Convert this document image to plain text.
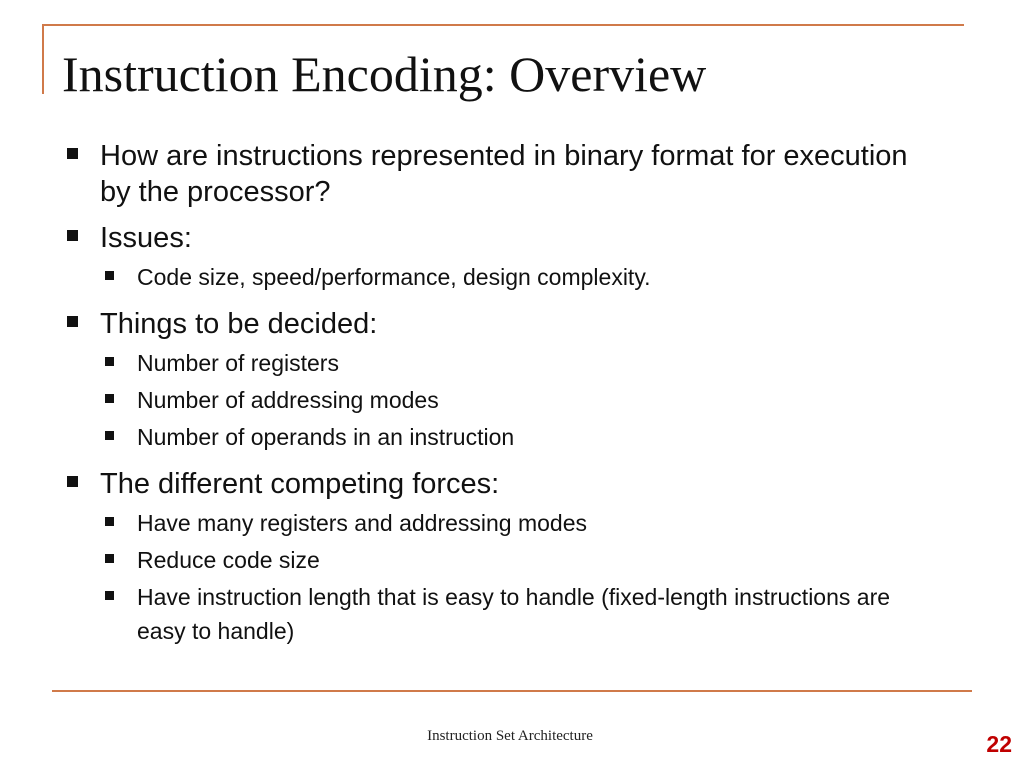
Instruction Encoding: Overview
How are instructions represented in binary format for execution by the processor?
Issues:
Code size, speed/performance, design complexity.
Things to be decided:
Number of registers
Number of addressing modes
Number of operands in an instruction
The different competing forces:
Have many registers and addressing modes
Reduce code size
Have instruction length that is easy to handle (fixed-length instructions are easy to handle)
Instruction Set Architecture	22
